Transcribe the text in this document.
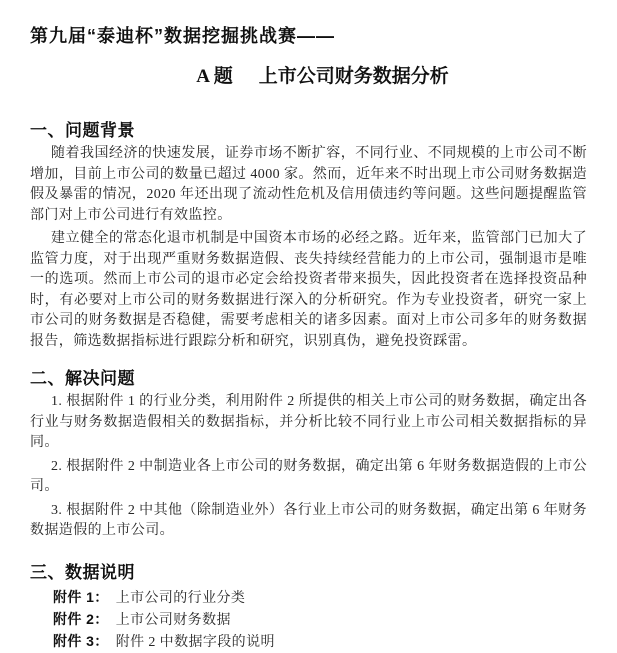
第九届“泰迪杯”数据挖掘挑战赛——
A 题 上市公司财务数据分析
一、问题背景

随着我国经济的快速发展，证券市场不断扩容，不同行业、不同规模的上市公司不断增加，目前上市公司的数量已超过 4000 家。然而，近年来不时出现上市公司财务数据造假及暴雷的情况，2020 年还出现了流动性危机及信用债违约等问题。这些问题提醒监管部门对上市公司进行有效监控。

建立健全的常态化退市机制是中国资本市场的必经之路。近年来，监管部门已加大了监管力度，对于出现严重财务数据造假、丧失持续经营能力的上市公司，强制退市是唯一的选项。然而上市公司的退市必定会给投资者带来损失，因此投资者在选择投资品种时，有必要对上市公司的财务数据进行深入的分析研究。作为专业投资者，研究一家上市公司的财务数据是否稳健，需要考虑相关的诸多因素。面对上市公司多年的财务数据报告，筛选数据指标进行跟踪分析和研究，识别真伪，避免投资踩雷。

二、解决问题

1. 根据附件 1 的行业分类，利用附件 2 所提供的相关上市公司的财务数据，确定出各行业与财务数据造假相关的数据指标，并分析比较不同行业上市公司相关数据指标的异同。

2. 根据附件 2 中制造业各上市公司的财务数据，确定出第 6 年财务数据造假的上市公司。

3. 根据附件 2 中其他（除制造业外）各行业上市公司的财务数据，确定出第 6 年财务数据造假的上市公司。

三、数据说明
附件 1： 上市公司的行业分类
附件 2： 上市公司财务数据
附件 3： 附件 2 中数据字段的说明
